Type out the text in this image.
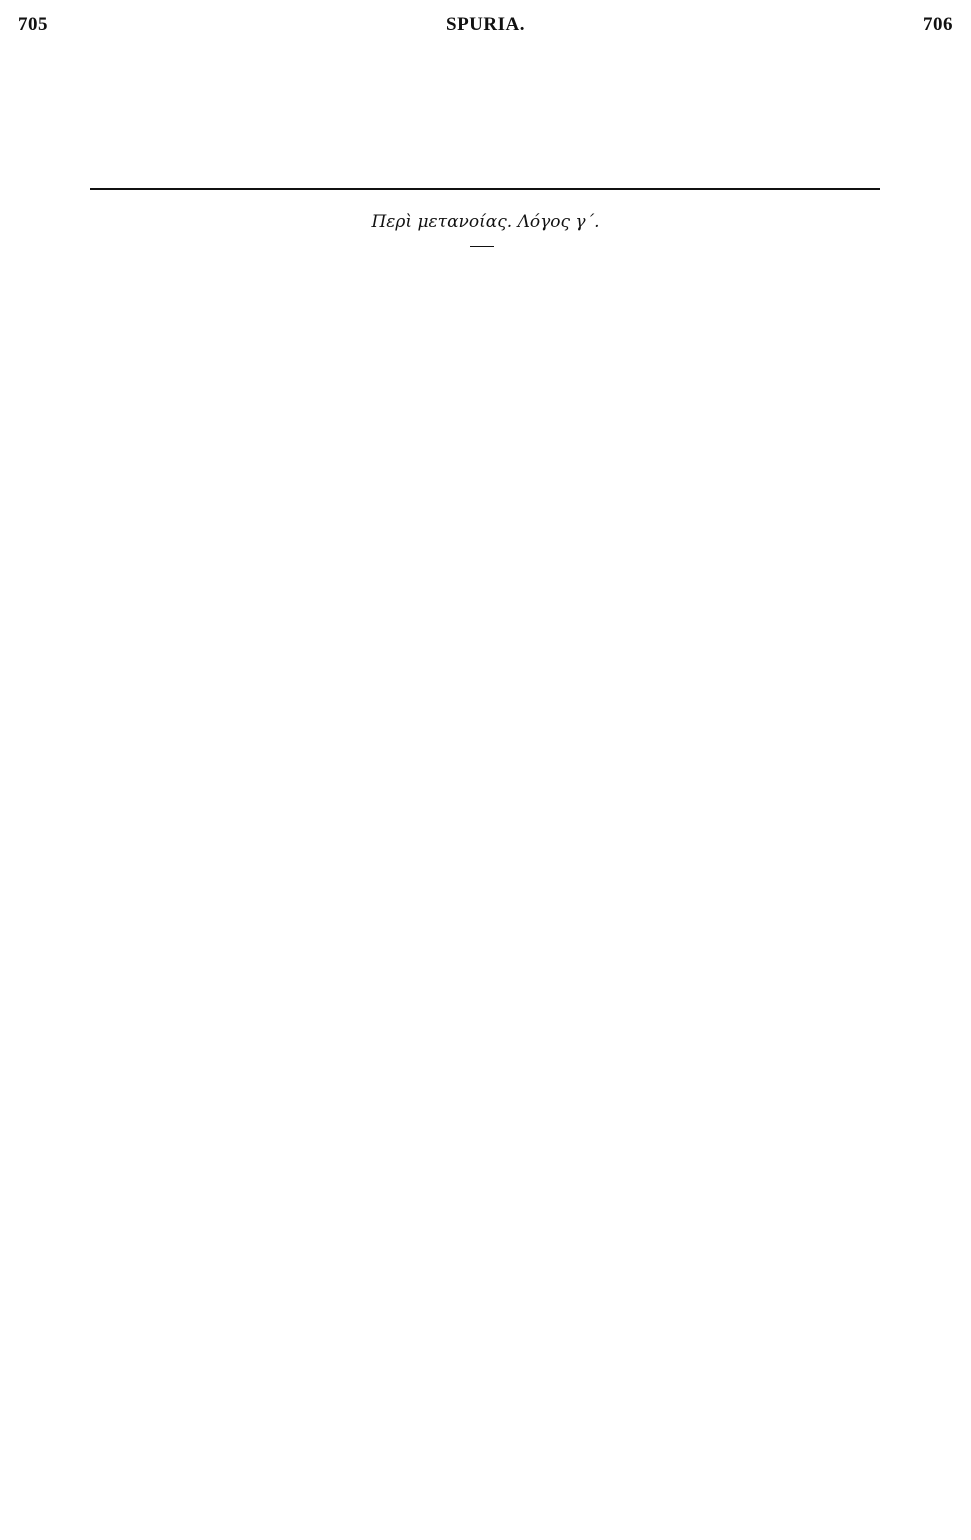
705	SPURIA.	706
Περὶ μετανοίας. Λόγος γ΄.
